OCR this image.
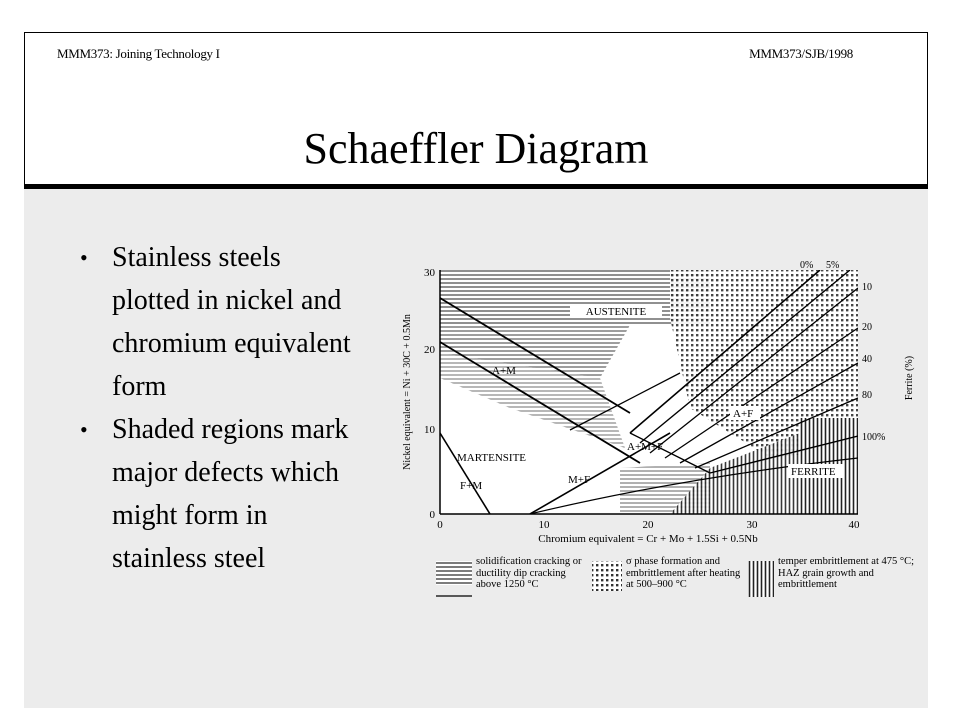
MMM373: Joining Technology I	MMM373/SJB/1998
Schaeffler Diagram
• Stainless steels plotted in nickel and chromium equivalent form
• Shaded regions mark major defects which might form in stainless steel
0	10	20	30	40
0
10
20
30
Chromium equivalent = Cr + Mo + 1.5Si + 0.5Nb
Nickel equivalent = Ni + 30C + 0.5Mn	Ferrite (%)
0% 5%
10
20
40
80
100%
AUSTENITE
A+M
MARTENSITE
F+M	M+F
A+M+F
A+F
FERRITE
solidification cracking or ductility dip cracking above 1250 °C
σ phase formation and embrittlement after heating at 500–900 °C
temper embrittlement at 475 °C; HAZ grain growth and embrittlement
